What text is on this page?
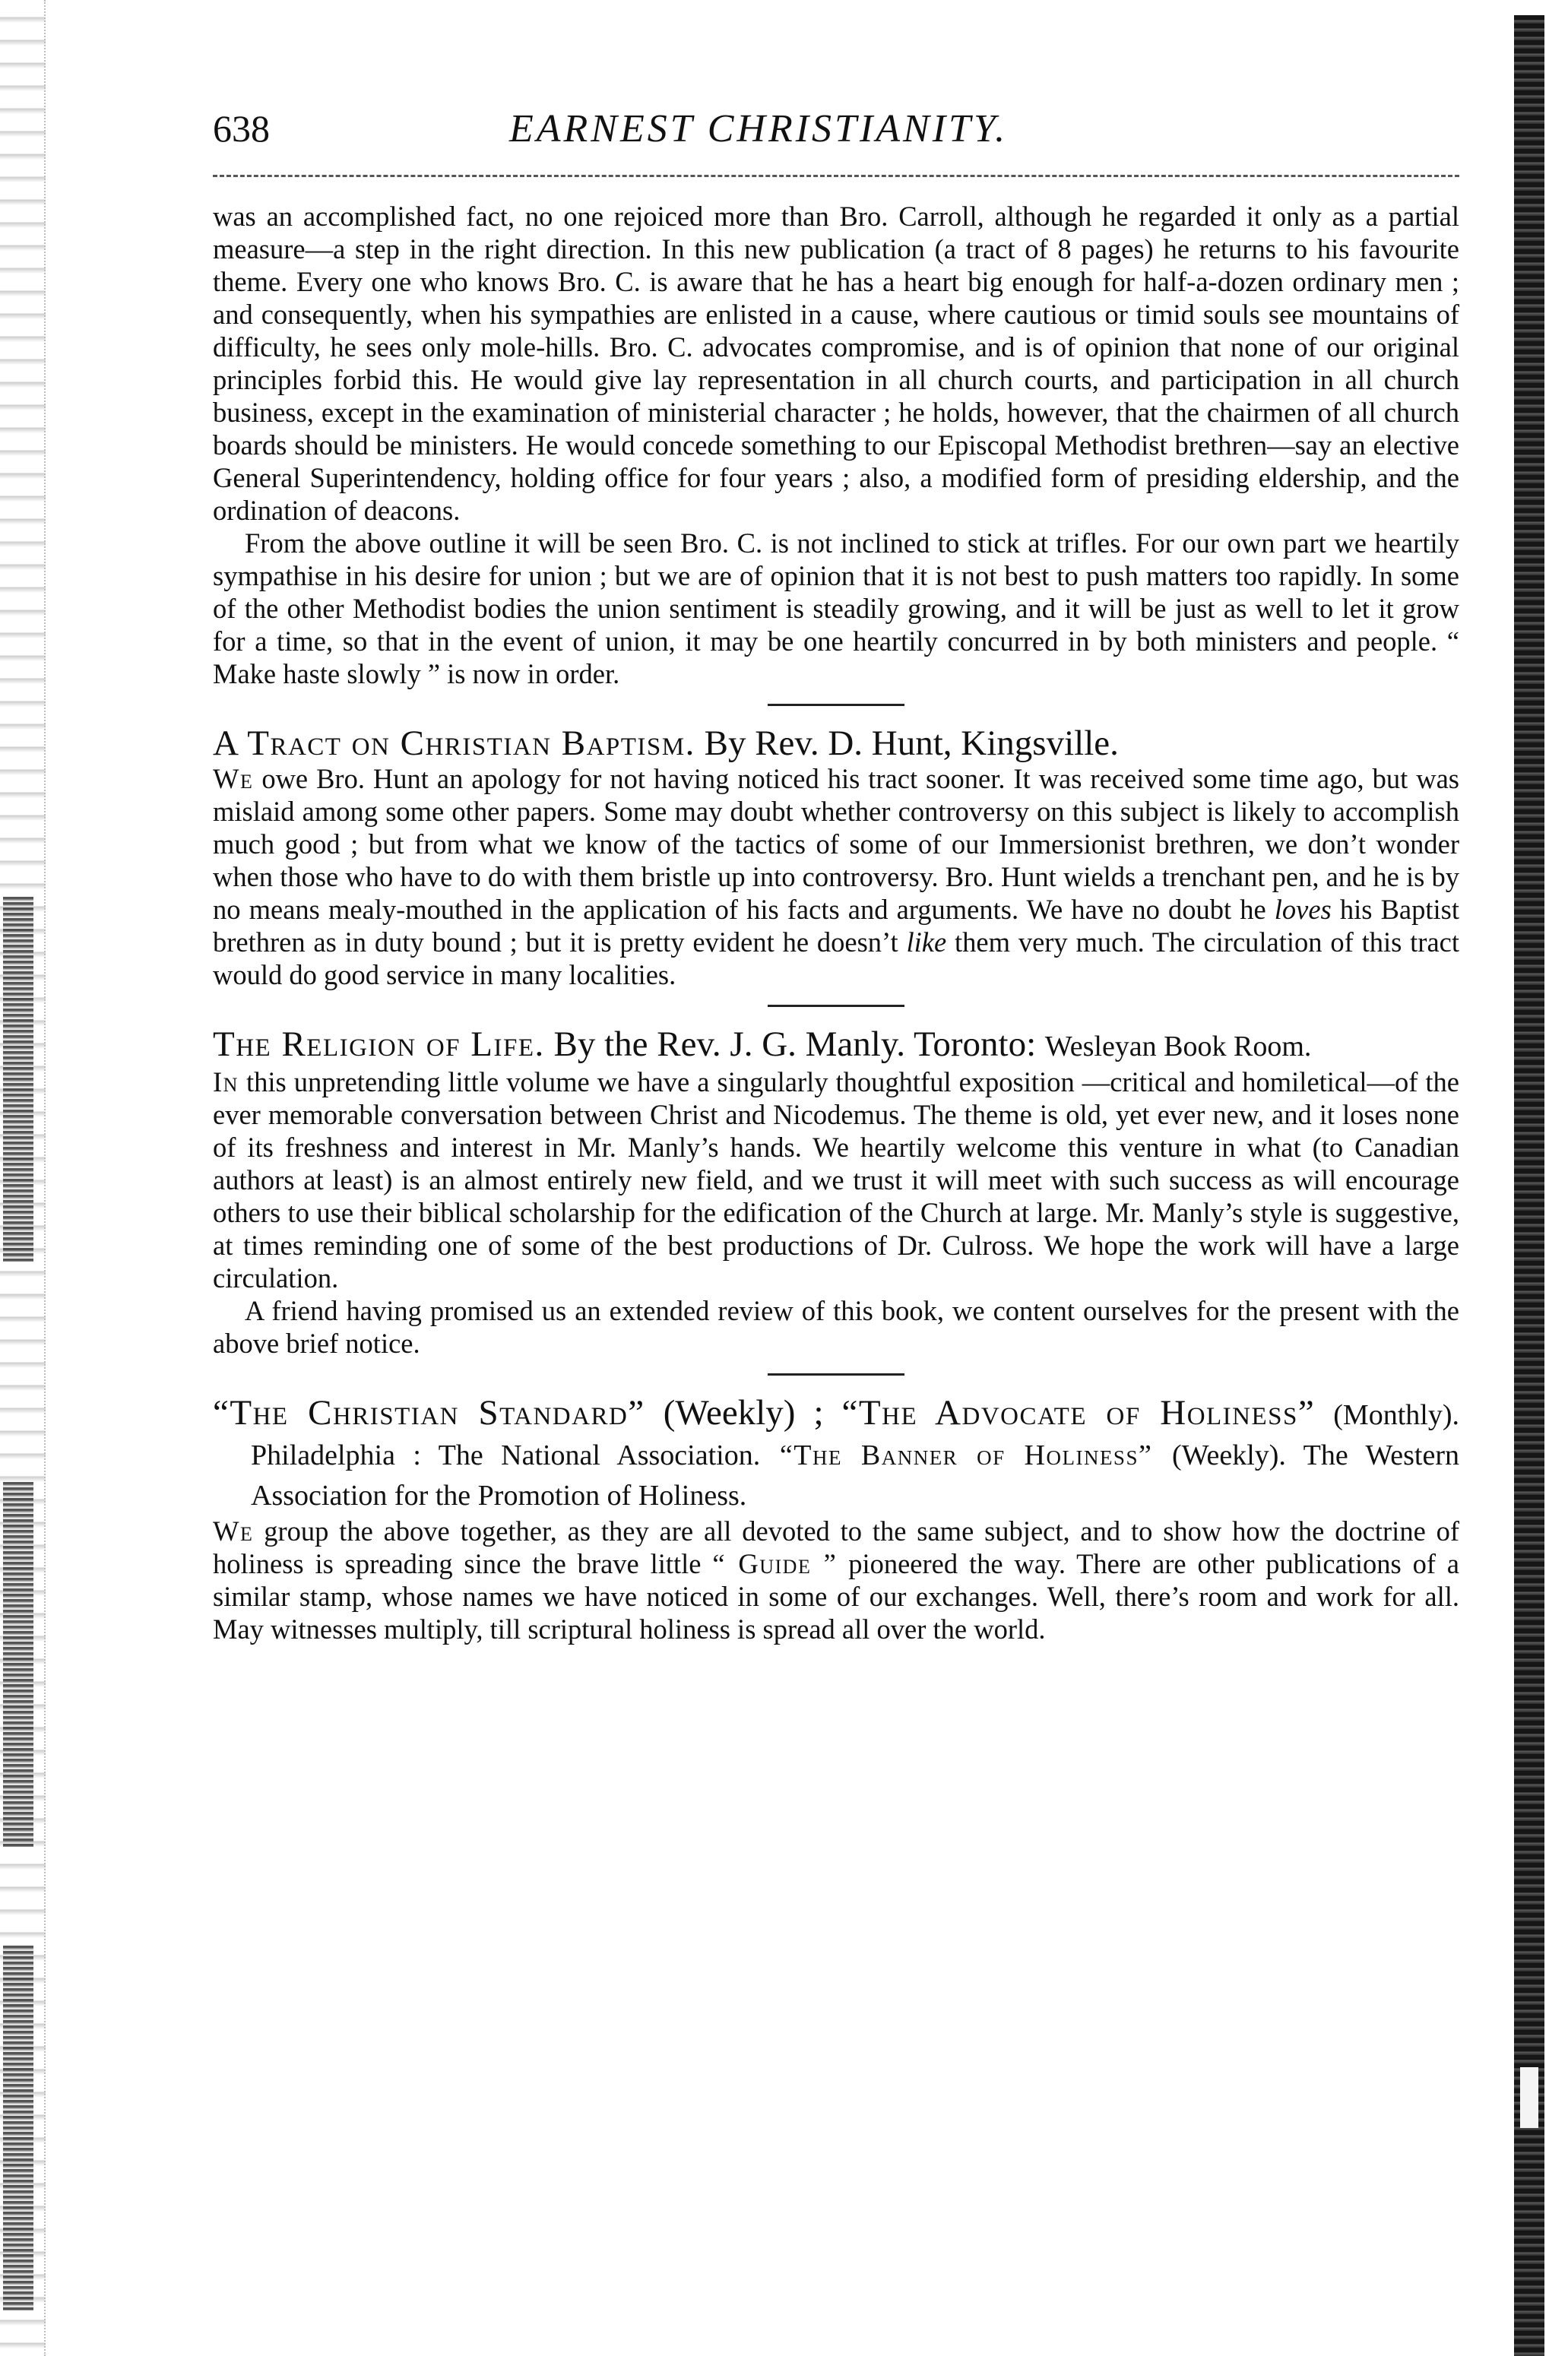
638	EARNEST CHRISTIANITY.

was an accomplished fact, no one rejoiced more than Bro. Carroll, although he regarded it only as a partial measure—a step in the right direction. In this new publication (a tract of 8 pages) he returns to his favourite theme. Every one who knows Bro. C. is aware that he has a heart big enough for half-a-dozen ordinary men ; and consequently, when his sympathies are enlisted in a cause, where cautious or timid souls see mountains of difficulty, he sees only mole-hills. Bro. C. advocates compromise, and is of opinion that none of our original principles forbid this. He would give lay representation in all church courts, and participation in all church business, except in the examination of ministerial character ; he holds, however, that the chairmen of all church boards should be ministers. He would concede something to our Episcopal Methodist brethren—say an elective General Superintendency, holding office for four years ; also, a modified form of presiding eldership, and the ordination of deacons.

From the above outline it will be seen Bro. C. is not inclined to stick at trifles. For our own part we heartily sympathise in his desire for union ; but we are of opinion that it is not best to push matters too rapidly. In some of the other Methodist bodies the union sentiment is steadily growing, and it will be just as well to let it grow for a time, so that in the event of union, it may be one heartily concurred in by both ministers and people. “ Make haste slowly ” is now in order.

A Tract on Christian Baptism. By Rev. D. Hunt, Kingsville.

We owe Bro. Hunt an apology for not having noticed his tract sooner. It was received some time ago, but was mislaid among some other papers. Some may doubt whether controversy on this subject is likely to accomplish much good ; but from what we know of the tactics of some of our Immersionist brethren, we don’t wonder when those who have to do with them bristle up into controversy. Bro. Hunt wields a trenchant pen, and he is by no means mealy-mouthed in the application of his facts and arguments. We have no doubt he loves his Baptist brethren as in duty bound ; but it is pretty evident he doesn’t like them very much. The circulation of this tract would do good service in many localities.

The Religion of Life. By the Rev. J. G. Manly. Toronto: Wesleyan Book Room.

In this unpretending little volume we have a singularly thoughtful exposition —critical and homiletical—of the ever memorable conversation between Christ and Nicodemus. The theme is old, yet ever new, and it loses none of its freshness and interest in Mr. Manly’s hands. We heartily welcome this venture in what (to Canadian authors at least) is an almost entirely new field, and we trust it will meet with such success as will encourage others to use their biblical scholarship for the edification of the Church at large. Mr. Manly’s style is suggestive, at times reminding one of some of the best productions of Dr. Culross. We hope the work will have a large circulation.

A friend having promised us an extended review of this book, we content ourselves for the present with the above brief notice.

“The Christian Standard” (Weekly) ; “The Advocate of Holiness” (Monthly). Philadelphia : The National Association. “The Banner of Holiness” (Weekly). The Western Association for the Promotion of Holiness.

We group the above together, as they are all devoted to the same subject, and to show how the doctrine of holiness is spreading since the brave little “ Guide ” pioneered the way. There are other publications of a similar stamp, whose names we have noticed in some of our exchanges. Well, there’s room and work for all. May witnesses multiply, till scriptural holiness is spread all over the world.
